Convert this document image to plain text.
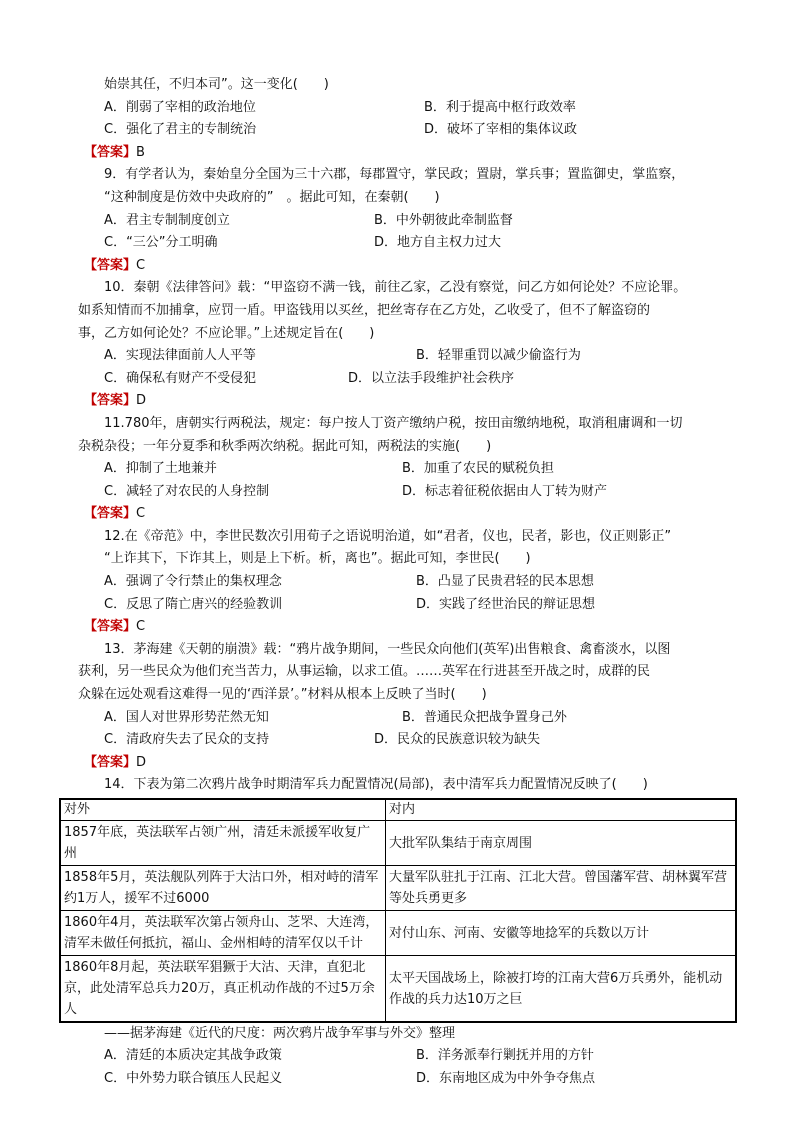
始崇其任，不归本司”。这一变化(　　)
A．削弱了宰相的政治地位	B．利于提高中枢行政效率
C．强化了君主的专制统治	D．破坏了宰相的集体议政
【答案】B
9．有学者认为，秦始皇分全国为三十六郡，每郡置守，掌民政；置尉，掌兵事；置监御史，掌监察，
“这种制度是仿效中央政府的”　。据此可知，在秦朝(　　)
A．君主专制制度创立	B．中外朝彼此牵制监督
C．“三公”分工明确	D．地方自主权力过大
【答案】C
10．秦朝《法律答问》载：“甲盗窃不满一钱，前往乙家，乙没有察觉，问乙方如何论处？不应论罪。
如系知情而不加捕拿，应罚一盾。甲盗钱用以买丝，把丝寄存在乙方处，乙收受了，但不了解盗窃的
事，乙方如何论处？不应论罪。”上述规定旨在(　　)
A．实现法律面前人人平等	B．轻罪重罚以减少偷盗行为
C．确保私有财产不受侵犯	D．以立法手段维护社会秩序
【答案】D
11.780年，唐朝实行两税法，规定：每户按人丁资产缴纳户税，按田亩缴纳地税，取消租庸调和一切
杂税杂役；一年分夏季和秋季两次纳税。据此可知，两税法的实施(　　)
A．抑制了土地兼并	B．加重了农民的赋税负担
C．减轻了对农民的人身控制	D．标志着征税依据由人丁转为财产
【答案】C
12.在《帝范》中，李世民数次引用荀子之语说明治道，如“君者，仪也，民者，影也，仪正则影正”
“上诈其下，下诈其上，则是上下析。析，离也”。据此可知，李世民(　　)
A．强调了令行禁止的集权理念	B．凸显了民贵君轻的民本思想
C．反思了隋亡唐兴的经验教训	D．实践了经世治民的辩证思想
【答案】C
13．茅海建《天朝的崩溃》载：“鸦片战争期间，一些民众向他们(英军)出售粮食、禽畜淡水，以图
获利，另一些民众为他们充当苦力，从事运输，以求工值。……英军在行进甚至开战之时，成群的民
众躲在远处观看这难得一见的‘西洋景’。”材料从根本上反映了当时(　　)
A．国人对世界形势茫然无知	B．普通民众把战争置身己外
C．清政府失去了民众的支持	D．民众的民族意识较为缺失
【答案】D
14．下表为第二次鸦片战争时期清军兵力配置情况(局部)，表中清军兵力配置情况反映了(　　)
对外	对内
1857年底，英法联军占领广州，清廷未派援军收复广州	大批军队集结于南京周围
1858年5月，英法舰队列阵于大沽口外，相对峙的清军约1万人，援军不过6000	大量军队驻扎于江南、江北大营。曾国藩军营、胡林翼军营等处兵勇更多
1860年4月，英法联军次第占领舟山、芝罘、大连湾，清军未做任何抵抗，福山、金州相峙的清军仅以千计	对付山东、河南、安徽等地捻军的兵数以万计
1860年8月起，英法联军猖獗于大沽、天津，直犯北京，此处清军总兵力20万，真正机动作战的不过5万余人	太平天国战场上，除被打垮的江南大营6万兵勇外，能机动作战的兵力达10万之巨
——据茅海建《近代的尺度：两次鸦片战争军事与外交》整理
A．清廷的本质决定其战争政策	B．洋务派奉行剿抚并用的方针
C．中外势力联合镇压人民起义	D．东南地区成为中外争夺焦点
